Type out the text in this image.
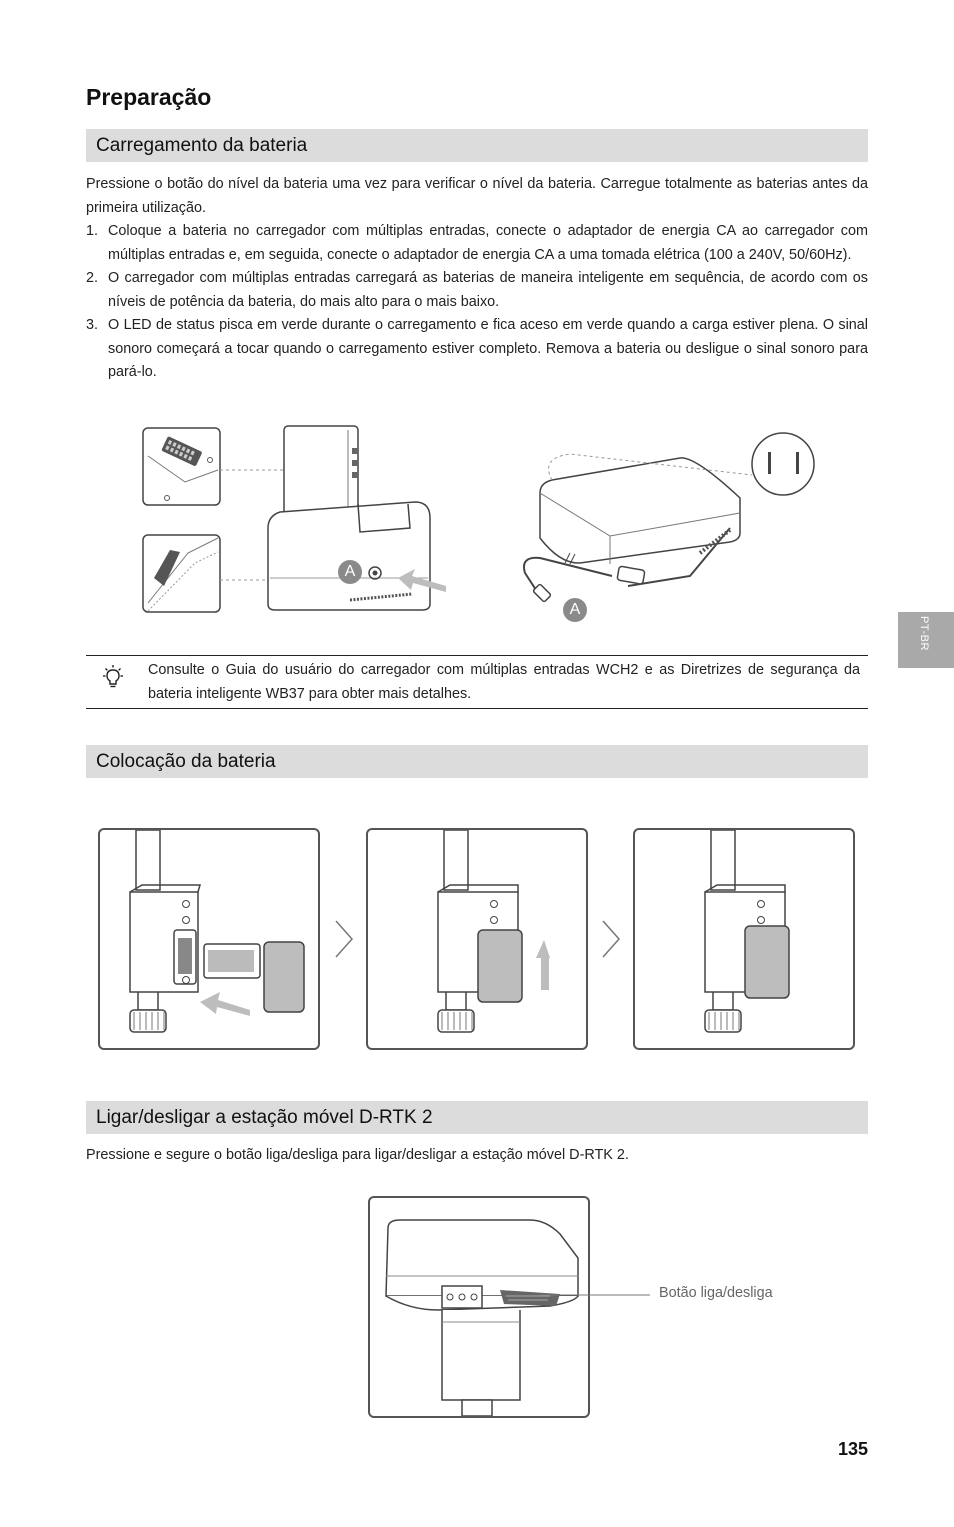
Preparação
Carregamento da bateria

Pressione o botão do nível da bateria uma vez para verificar o nível da bateria. Carregue totalmente as baterias antes da primeira utilização.

1. Coloque a bateria no carregador com múltiplas entradas, conecte o adaptador de energia CA ao carregador com múltiplas entradas e, em seguida, conecte o adaptador de energia CA a uma tomada elétrica (100 a 240V, 50/60Hz).
2. O carregador com múltiplas entradas carregará as baterias de maneira inteligente em sequência, de acordo com os níveis de potência da bateria, do mais alto para o mais baixo.
3. O LED de status pisca em verde durante o carregamento e fica aceso em verde quando a carga estiver plena. O sinal sonoro começará a tocar quando o carregamento estiver completo. Remova a bateria ou desligue o sinal sonoro para pará-lo.
A
A

Consulte o Guia do usuário do carregador com múltiplas entradas WCH2 e as Diretrizes de segurança da bateria inteligente WB37 para obter mais detalhes.

Colocação da bateria
Ligar/desligar a estação móvel D-RTK 2

Pressione e segure o botão liga/desliga para ligar/desligar a estação móvel D-RTK 2.

Botão liga/desliga
PT-BR
135
